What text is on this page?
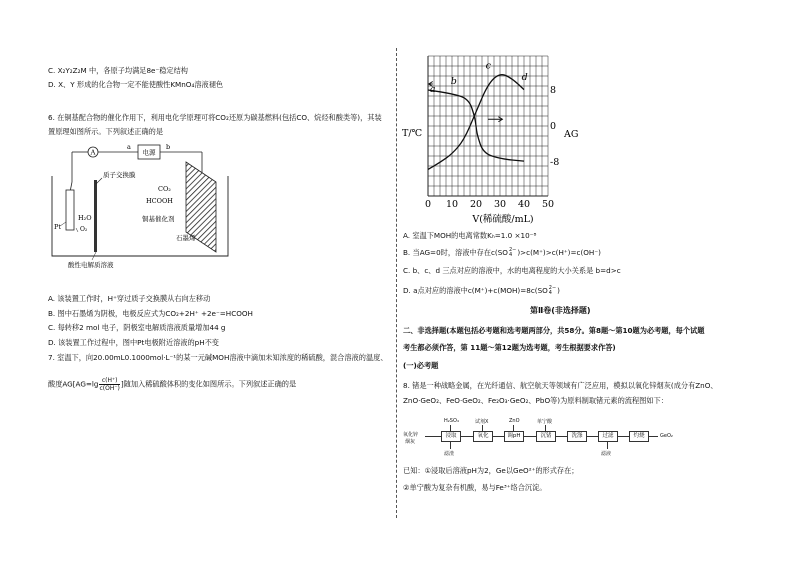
C. X₂Y₂Z₂M 中，各原子均满足8e⁻稳定结构
D. X、Y 形成的化合物一定不能使酸性KMnO₄溶液褪色
6. 在铜基配合物的催化作用下，利用电化学原理可将CO₂还原为碳基燃料(包括CO、烷烃和酸类等)，其装
置原理如图所示。下列叙述正确的是
A	电源
a	b
质子交换膜
Pt
H₂O
O₂
CO₂
HCOOH
铜基催化剂
石墨烯
酸性电解质溶液
A. 该装置工作时，H⁺穿过质子交换膜从右向左移动
B. 图中石墨烯为阴极，电极反应式为CO₂+2H⁺ +2e⁻=HCOOH
C. 每转移2 mol 电子，阴极室电解质溶液质量增加44 g
D. 该装置工作过程中，图中Pt电极附近溶液的pH不变
7. 室温下，向20.00mL0.1000mol·L⁻¹的某一元碱MOH溶液中滴加未知浓度的稀硫酸，混合溶液的温度、
酸度$AG[AG=\lg \frac{c(H^+)}{c(OH^-)}$ ]随加入稀硫酸体积的变化如图所示。下列叙述正确的是
0 10 20 30 40 50
8
0
-8
a
b
c
d
T/℃	AG
V(稀硫酸/mL)
A. 室温下MOH的电离常数Kₕ=1.0 ×10⁻⁸
B. 当AG=0时，溶液中存在c(SO 2−
4 )>c(M⁺)>c(H⁺)=c(OH⁻)
C. b、c、d 三点对应的溶液中，水的电离程度的大小关系是 b=d>c
D. a点对应的溶液中c(M⁺)+c(MOH)=8c(SO 2−
4 )
第Ⅱ卷(非选择题)
二、非选择题(本题包括必考题和选考题两部分，共58分。第8题～第10题为必考题，每个试题
考生都必须作答，第 11题～第12题为选考题，考生根据要求作答)
(一)必考题
8. 锗是一种战略金属，在光纤通信、航空航天等领域有广泛应用，模拟以氧化锌烟灰(成分有ZnO、
ZnO·GeO₂、FeO·GeO₂、Fe₂O₃·GeO₂、PbO等)为原料制取锗元素的流程图如下：
氧化锌
烟灰
H₂SO₄	试剂X	ZnO	单宁酸
浸取	氧化	调pH	沉锗	洗涤	过滤	灼烧	GeO₂
滤渣	滤液
已知：①浸取后溶液pH为2，Ge以GeO²⁺的形式存在；
②单宁酸为复杂有机酸，易与Fe³⁺络合沉淀。
